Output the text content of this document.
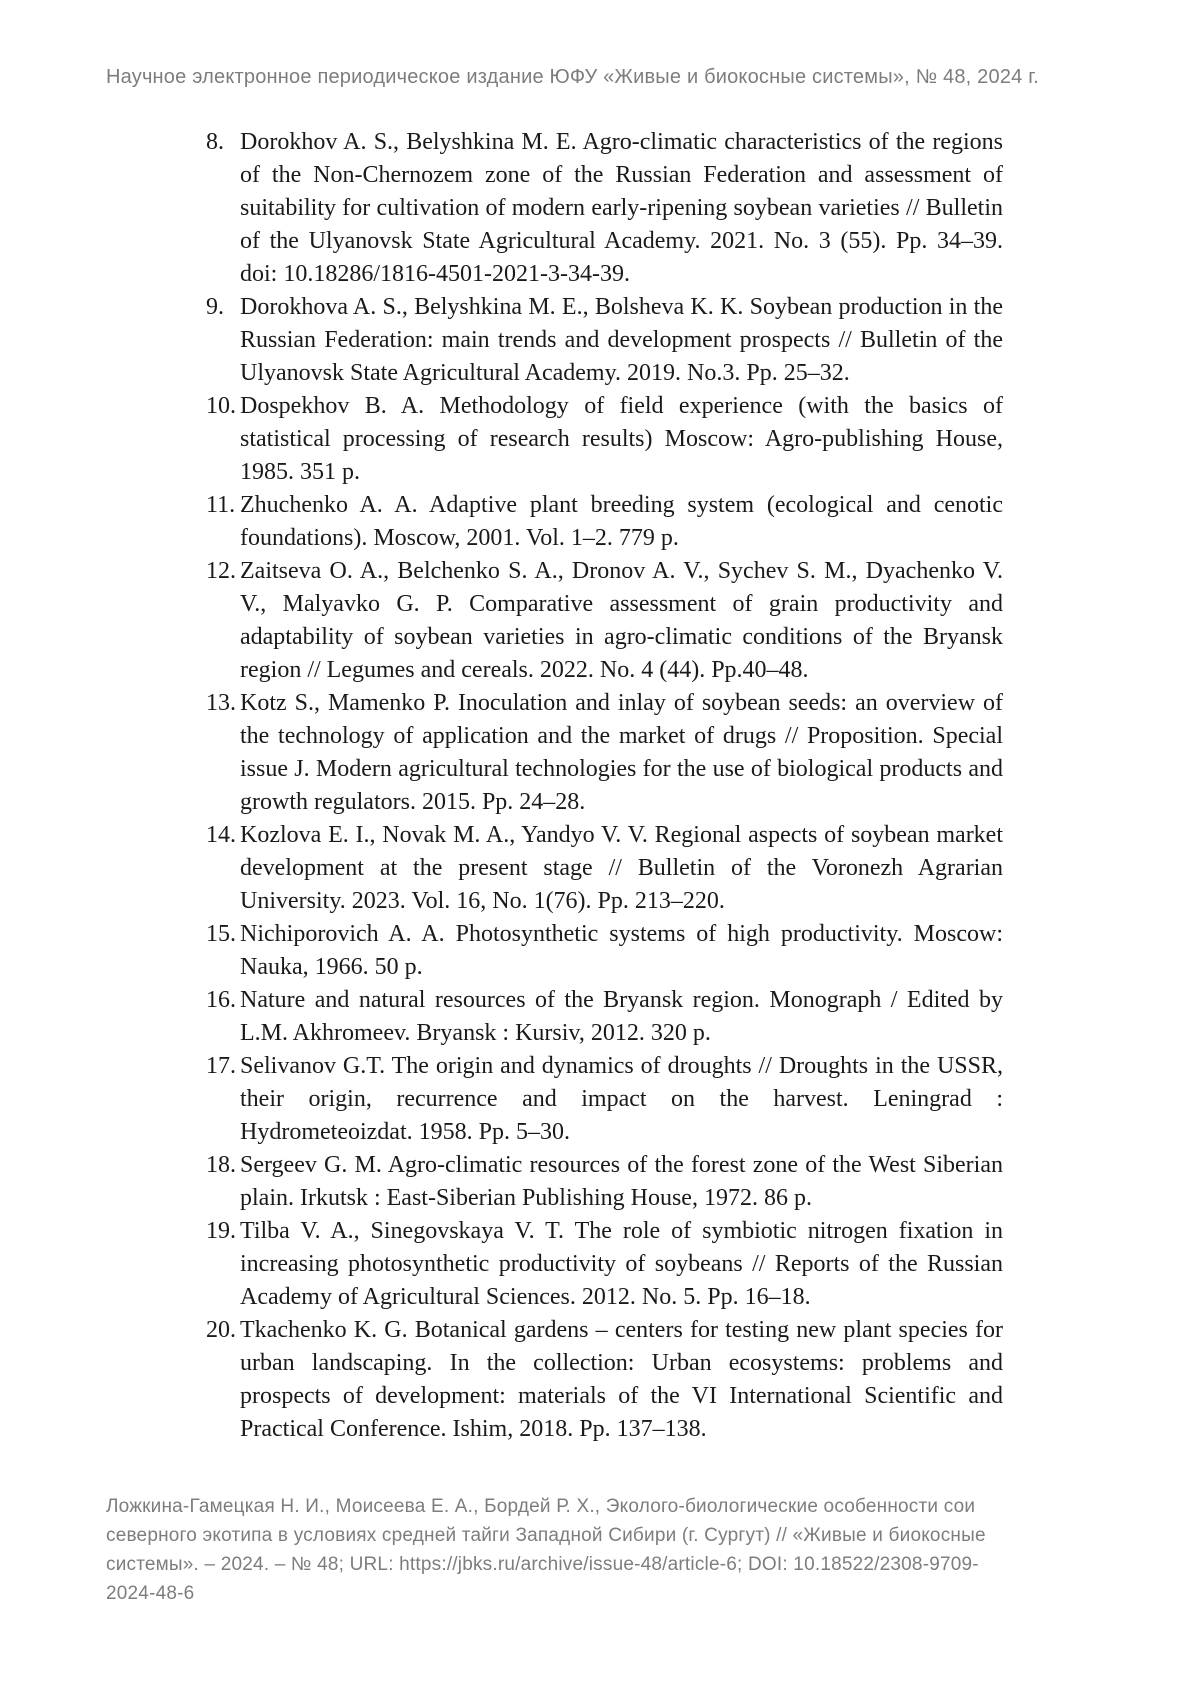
Научное электронное периодическое издание ЮФУ «Живые и биокосные системы», № 48, 2024 г.
8. Dorokhov A. S., Belyshkina M. E. Agro-climatic characteristics of the regions of the Non-Chernozem zone of the Russian Federation and assessment of suitability for cultivation of modern early-ripening soybean varieties // Bulletin of the Ulyanovsk State Agricultural Academy. 2021. No. 3 (55). Pp. 34–39. doi: 10.18286/1816-4501-2021-3-34-39.
9. Dorokhova A. S., Belyshkina M. E., Bolsheva K. K. Soybean production in the Russian Federation: main trends and development prospects // Bulletin of the Ulyanovsk State Agricultural Academy. 2019. No.3. Pp. 25–32.
10. Dospekhov B. A. Methodology of field experience (with the basics of statistical processing of research results) Moscow: Agro-publishing House, 1985. 351 p.
11. Zhuchenko A. A. Adaptive plant breeding system (ecological and cenotic foundations). Moscow, 2001. Vol. 1–2. 779 p.
12. Zaitseva O. A., Belchenko S. A., Dronov A. V., Sychev S. M., Dyachenko V. V., Malyavko G. P. Comparative assessment of grain productivity and adaptability of soybean varieties in agro-climatic conditions of the Bryansk region // Legumes and cereals. 2022. No. 4 (44). Pp.40–48.
13. Kotz S., Mamenko P. Inoculation and inlay of soybean seeds: an overview of the technology of application and the market of drugs // Proposition. Special issue J. Modern agricultural technologies for the use of biological products and growth regulators. 2015. Pp. 24–28.
14. Kozlova E. I., Novak M. A., Yandyo V. V. Regional aspects of soybean market development at the present stage // Bulletin of the Voronezh Agrarian University. 2023. Vol. 16, No. 1(76). Pp. 213–220.
15. Nichiporovich A. A. Photosynthetic systems of high productivity. Moscow: Nauka, 1966. 50 p.
16. Nature and natural resources of the Bryansk region. Monograph / Edited by L.M. Akhromeev. Bryansk : Kursiv, 2012. 320 p.
17. Selivanov G.T. The origin and dynamics of droughts // Droughts in the USSR, their origin, recurrence and impact on the harvest. Leningrad : Hydrometeoizdat. 1958. Pp. 5–30.
18. Sergeev G. M. Agro-climatic resources of the forest zone of the West Siberian plain. Irkutsk : East-Siberian Publishing House, 1972. 86 p.
19. Tilba V. A., Sinegovskaya V. T. The role of symbiotic nitrogen fixation in increasing photosynthetic productivity of soybeans // Reports of the Russian Academy of Agricultural Sciences. 2012. No. 5. Pp. 16–18.
20. Tkachenko K. G. Botanical gardens – centers for testing new plant species for urban landscaping. In the collection: Urban ecosystems: problems and prospects of development: materials of the VI International Scientific and Practical Conference. Ishim, 2018. Pp. 137–138.
Ложкина-Гамецкая Н. И., Моисеева Е. А., Бордей Р. Х., Эколого-биологические особенности сои северного экотипа в условиях средней тайги Западной Сибири (г. Сургут) // «Живые и биокосные системы». – 2024. – № 48; URL: https://jbks.ru/archive/issue-48/article-6; DOI: 10.18522/2308-9709-2024-48-6
